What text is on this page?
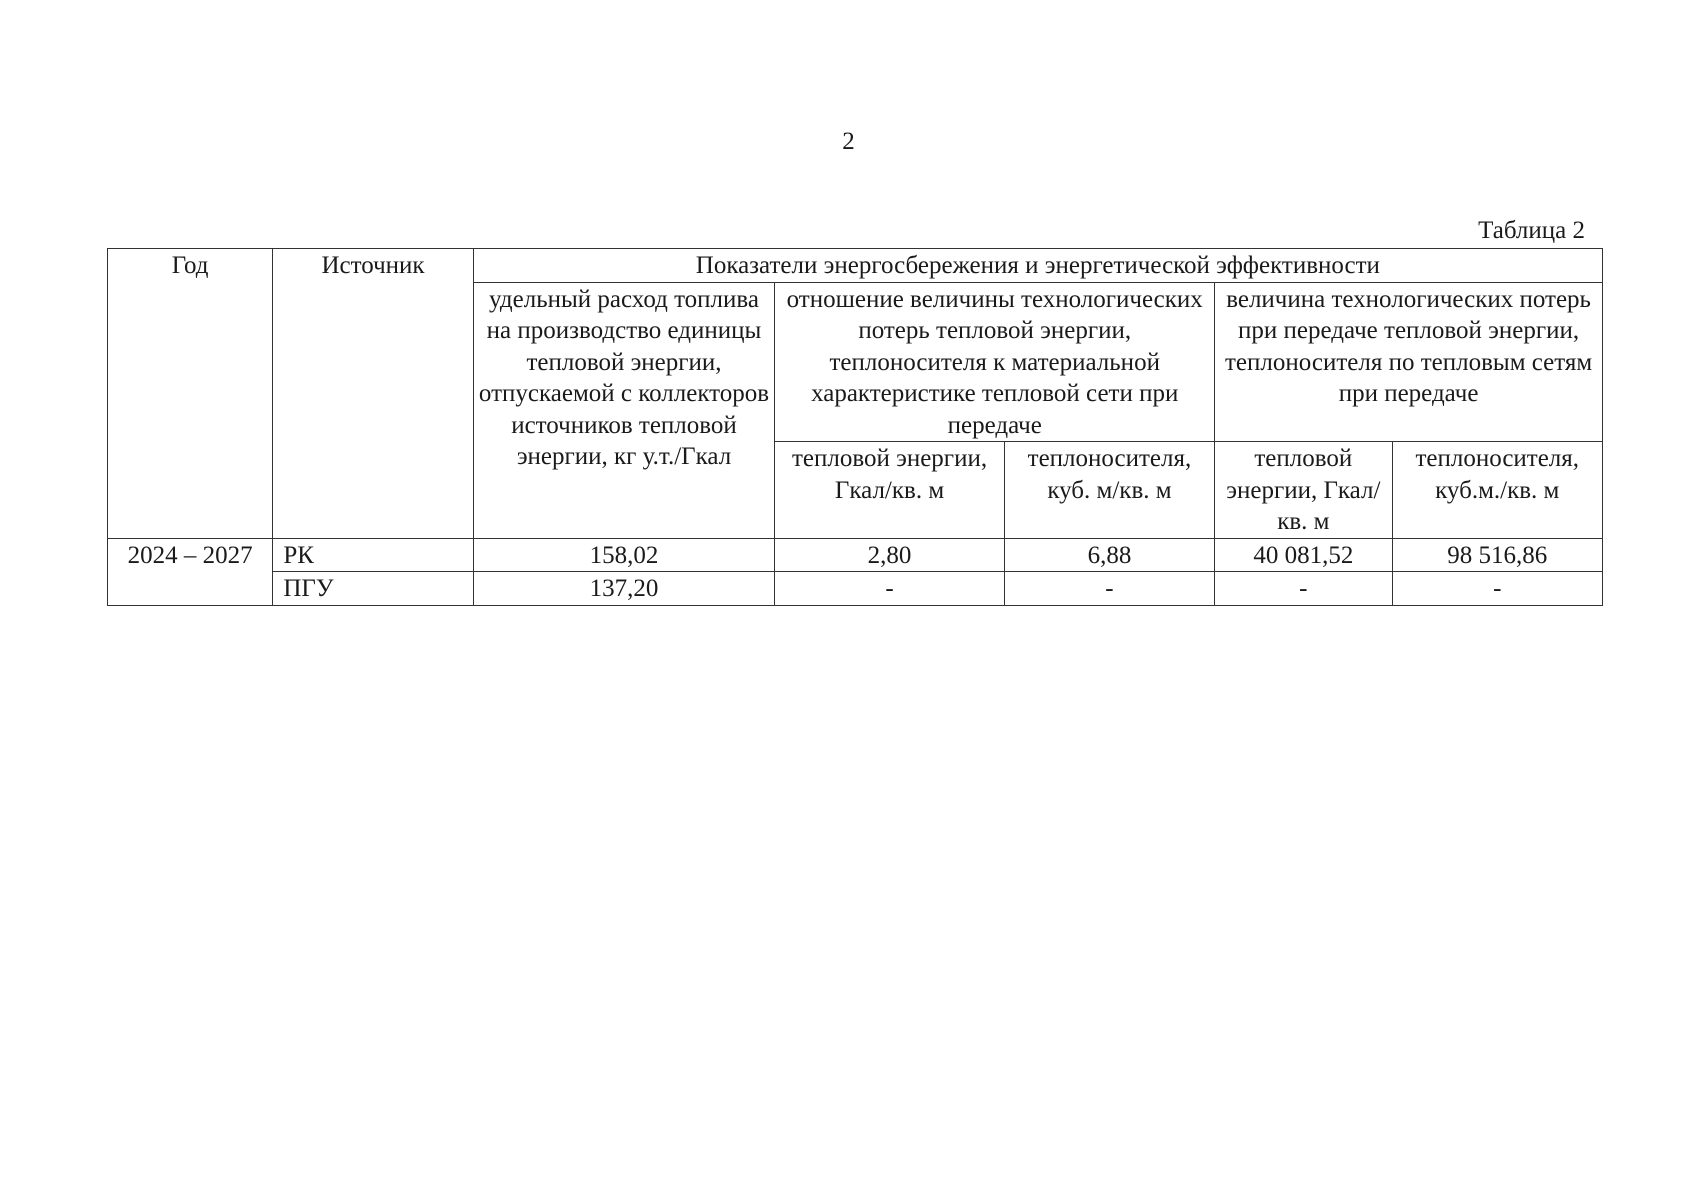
2
Таблица 2
Год	Источник	Показатели энергосбережения и энергетической эффективности				
		удельный расход топлива на производство единицы тепловой энергии, отпускаемой с коллекторов источников тепловой энергии, кг у.т./Гкал	отношение величины технологических потерь тепловой энергии, теплоносителя к материальной характеристике тепловой сети при передаче		величина технологических потерь при передаче тепловой энергии, теплоносителя по тепловым сетям при передаче	
			тепловой энергии, Гкал/кв. м	теплоносителя, куб. м/кв. м	тепловой энергии, Гкал/кв. м	теплоносителя, куб.м./кв. м
2024 – 2027	РК	158,02	2,80	6,88	40 081,52	98 516,86
	ПГУ	137,20	-	-	-	-
